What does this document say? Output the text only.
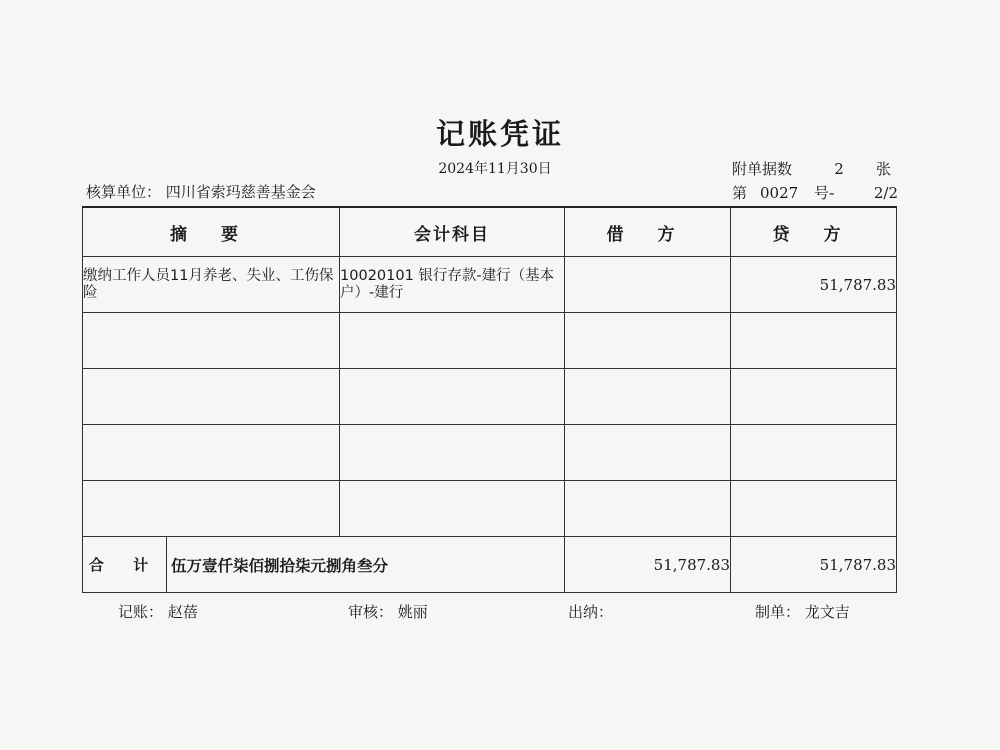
记账凭证
2024年11月30日	附单据数	2 张
核算单位： 四川省索玛慈善基金会	第 0027 号-	2/2
摘 要		会计科目	借 方	贷 方
缴纳工作人员11月养老、失业、工伤保险		10020101 银行存款-建行（基本户）-建行		51,787.83

合 计	伍万壹仟柒佰捌拾柒元捌角叁分		51,787.83	51,787.83
记账： 赵蓓	审核： 姚丽	出纳：	制单： 龙文吉
